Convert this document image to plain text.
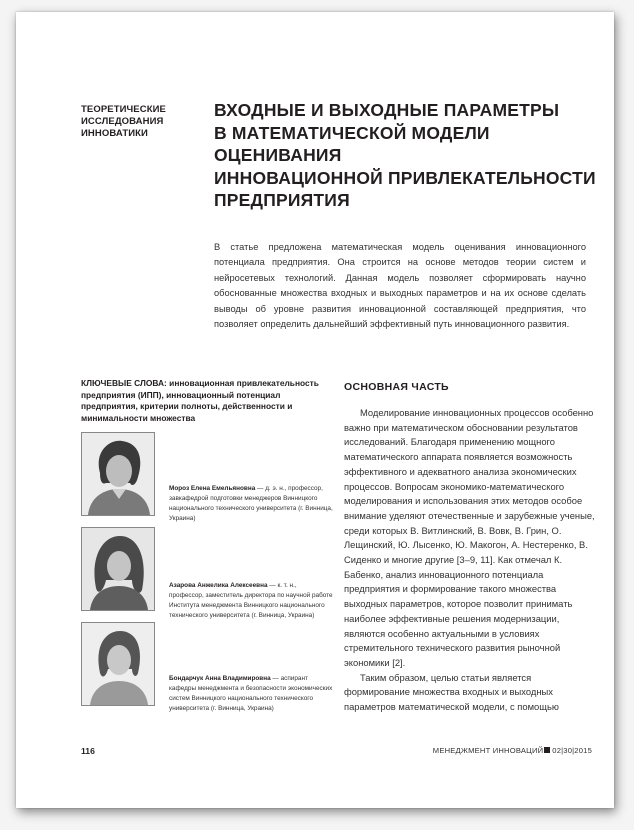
ТЕОРЕТИЧЕСКИЕ
ИССЛЕДОВАНИЯ
ИННОВАТИКИ
ВХОДНЫЕ И ВЫХОДНЫЕ ПАРАМЕТРЫ
В МАТЕМАТИЧЕСКОЙ МОДЕЛИ ОЦЕНИВАНИЯ
ИННОВАЦИОННОЙ ПРИВЛЕКАТЕЛЬНОСТИ
ПРЕДПРИЯТИЯ
В статье предложена математическая модель оценивания инновационного потенциала предприятия. Она строится на основе методов теории систем и нейросетевых технологий. Данная модель позволяет сформировать научно обоснованные множества входных и выходных параметров и на их основе сделать выводы об уровне развития инновационной составляющей предприятия, что позволяет определить дальнейший эффективный путь инновационного развития.
КЛЮЧЕВЫЕ СЛОВА: инновационная привлекательность предприятия (ИПП), инновационный потенциал предприятия, критерии полноты, действенности и минимальности множества
Мороз Елена Емельяновна — д. э. н., профессор, завкафедрой подготовки менеджеров Винницкого национального технического университета (г. Винница, Украина)
Азарова Анжелика Алексеевна — к. т. н., профессор, заместитель директора по научной работе Института менеджмента Винницкого национального технического университета (г. Винница, Украина)
Бондарчук Анна Владимировна — аспирант кафедры менеджмента и безопасности экономических систем Винницкого национального технического университета (г. Винница, Украина)
ОСНОВНАЯ ЧАСТЬ

Моделирование инновационных процессов особенно важно при математическом обосновании результатов исследований. Благодаря применению мощного математического аппарата появляется возможность эффективного и адекватного анализа экономических процессов. Вопросам экономико-математического моделирования и использования этих методов особое внимание уделяют отечественные и зарубежные ученые, среди которых В. Витлинский, В. Вовк, В. Грин, О. Лещинский, Ю. Лысенко, Ю. Макогон, А. Нестеренко, В. Сиденко и многие другие [3–9, 11]. Как отмечал К. Бабенко, анализ инновационного потенциала предприятия и формирование такого множества выходных параметров, которое позволит принимать наиболее эффективные решения модернизации, являются особенно актуальными в условиях стремительного технического развития рыночной экономики [2].

Таким образом, целью статьи является формирование множества входных и выходных параметров математической модели, с помощью

116	МЕНЕДЖМЕНТ ИННОВАЦИЙ 02|30|2015
